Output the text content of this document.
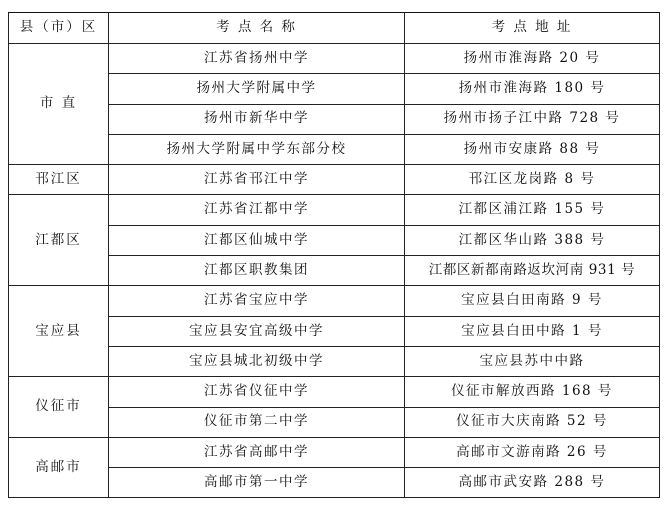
县（市）区	考 点 名 称	考 点 地 址
市 直	江苏省扬州中学	扬州市淮海路 20 号
	扬州大学附属中学	扬州市淮海路 180 号
	扬州市新华中学	扬州市扬子江中路 728 号
	扬州大学附属中学东部分校	扬州市安康路 88 号
邗江区	江苏省邗江中学	邗江区龙岗路 8 号
江都区	江苏省江都中学	江都区浦江路 155 号
	江都区仙城中学	江都区华山路 388 号
	江都区职教集团	江都区新都南路返坎河南 931 号
宝应县	江苏省宝应中学	宝应县白田南路 9 号
	宝应县安宜高级中学	宝应县白田中路 1 号
	宝应县城北初级中学	宝应县苏中中路
仪征市	江苏省仪征中学	仪征市解放西路 168 号
	仪征市第二中学	仪征市大庆南路 52 号
高邮市	江苏省高邮中学	高邮市文游南路 26 号
	高邮市第一中学	高邮市武安路 288 号
